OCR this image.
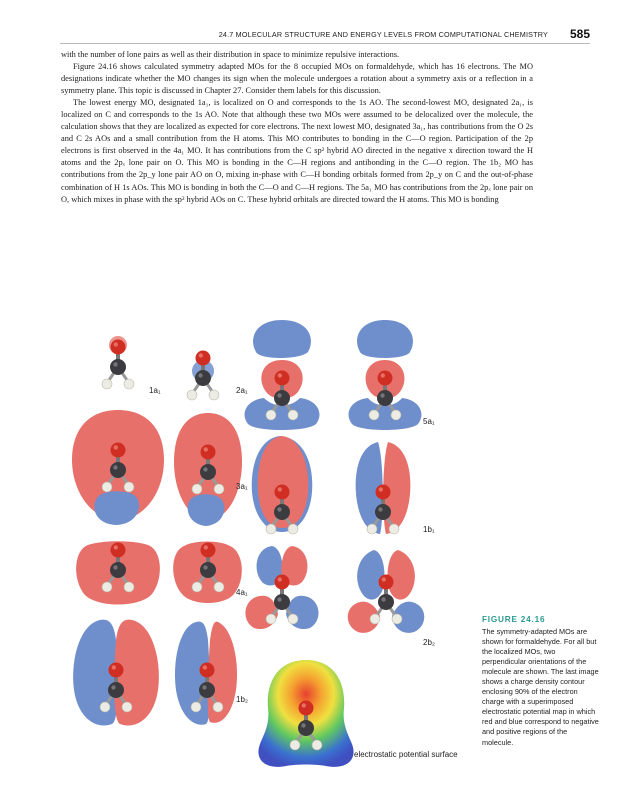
24.7 MOLECULAR STRUCTURE AND ENERGY LEVELS FROM COMPUTATIONAL CHEMISTRY 585

with the number of lone pairs as well as their distribution in space to minimize repulsive interactions.

Figure 24.16 shows calculated symmetry adapted MOs for the 8 occupied MOs on formaldehyde, which has 16 electrons. The MO designations indicate whether the MO changes its sign when the molecule undergoes a rotation about a symmetry axis or a reflection in a symmetry plane. This topic is discussed in Chapter 27. Consider them labels for this discussion.

The lowest energy MO, designated 1a₁, is localized on O and corresponds to the 1s AO. The second-lowest MO, designated 2a₁, is localized on C and corresponds to the 1s AO. Note that although these two MOs were assumed to be delocalized over the molecule, the calculation shows that they are localized as expected for core electrons. The next lowest MO, designated 3a₁, has contributions from the O 2s and C 2s AOs and a small contribution from the H atoms. This MO contributes to bonding in the C—O region. Participation of the 2p electrons is first observed in the 4a₁ MO. It has contributions from the C sp² hybrid AO directed in the negative x direction toward the H atoms and the 2pₓ lone pair on O. This MO is bonding in the C—H regions and antibonding in the C—O region. The 1b₂ MO has contributions from the 2p_y lone pair AO on O, mixing in-phase with C—H bonding orbitals formed from 2p_y on C and the out-of-phase combination of H 1s AOs. This MO is bonding in both the C—O and C—H regions. The 5a₁ MO has contributions from the 2pₓ lone pair on O, which mixes in phase with the sp² hybrid AOs on C. These hybrid orbitals are directed toward the H atoms. This MO is bonding

1a₁	2a₁
5a₁
3a₁
1b₁
4a₁
2b₂
1b₂
electrostatic potential surface
FIGURE 24.16

The symmetry-adapted MOs are shown for formaldehyde. For all but the localized MOs, two perpendicular orientations of the molecule are shown. The last image shows a charge density contour enclosing 90% of the electron charge with a superimposed electrostatic potential map in which red and blue correspond to negative and positive regions of the molecule.
